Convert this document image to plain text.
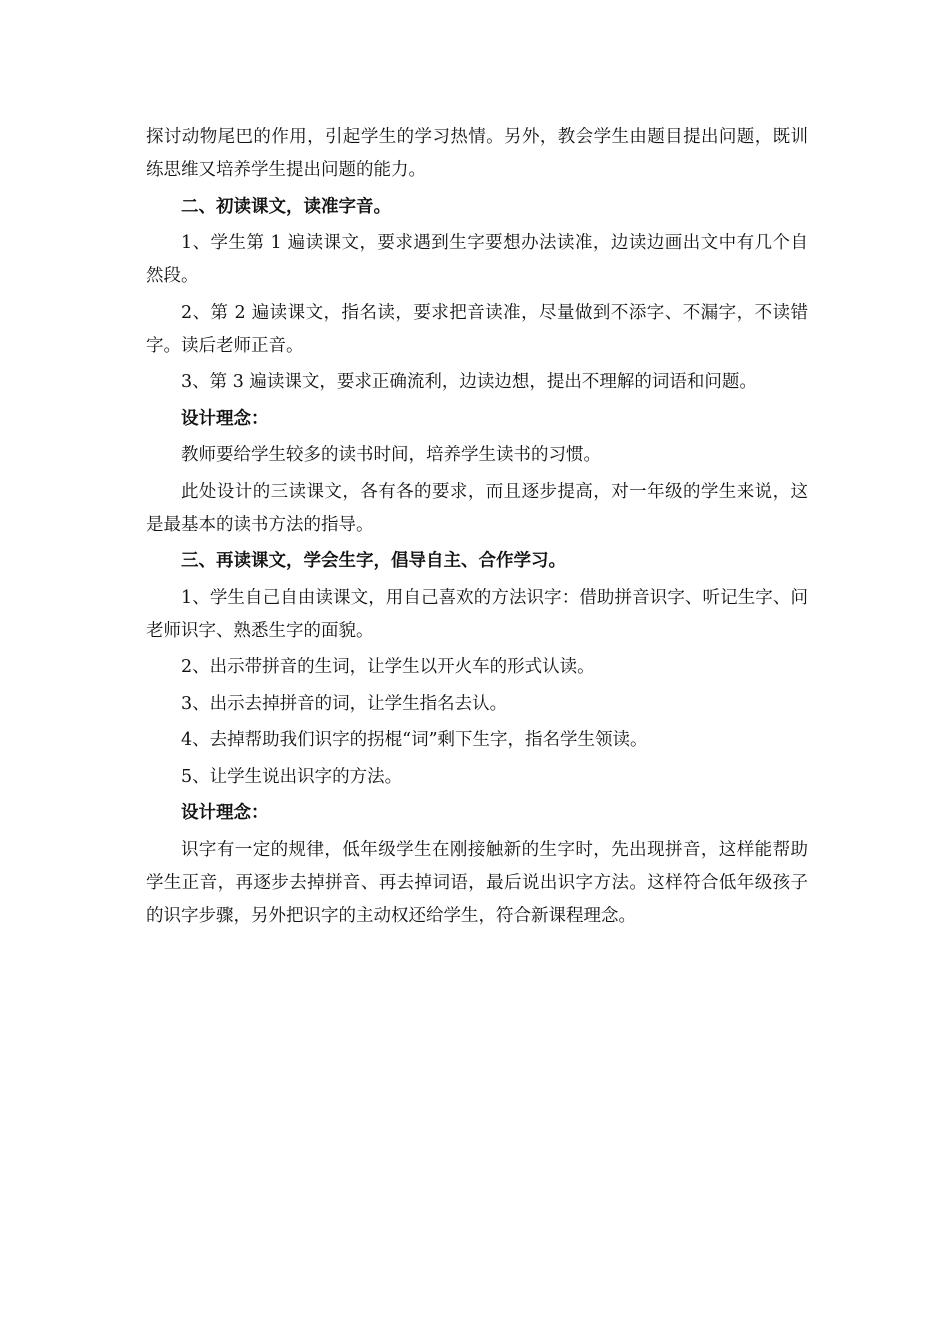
探讨动物尾巴的作用，引起学生的学习热情。另外，教会学生由题目提出问题，既训练思维又培养学生提出问题的能力。

二、初读课文，读准字音。

1、学生第 1 遍读课文，要求遇到生字要想办法读准，边读边画出文中有几个自然段。

2、第 2 遍读课文，指名读，要求把音读准，尽量做到不添字、不漏字，不读错字。读后老师正音。

3、第 3 遍读课文，要求正确流利，边读边想，提出不理解的词语和问题。

设计理念：

教师要给学生较多的读书时间，培养学生读书的习惯。

此处设计的三读课文，各有各的要求，而且逐步提高，对一年级的学生来说，这是最基本的读书方法的指导。

三、再读课文，学会生字，倡导自主、合作学习。

1、学生自己自由读课文，用自己喜欢的方法识字：借助拼音识字、听记生字、问老师识字、熟悉生字的面貌。

2、出示带拼音的生词，让学生以开火车的形式认读。

3、出示去掉拼音的词，让学生指名去认。

4、去掉帮助我们识字的拐棍“词”剩下生字，指名学生领读。

5、让学生说出识字的方法。

设计理念：

识字有一定的规律，低年级学生在刚接触新的生字时，先出现拼音，这样能帮助学生正音，再逐步去掉拼音、再去掉词语，最后说出识字方法。这样符合低年级孩子的识字步骤，另外把识字的主动权还给学生，符合新课程理念。
